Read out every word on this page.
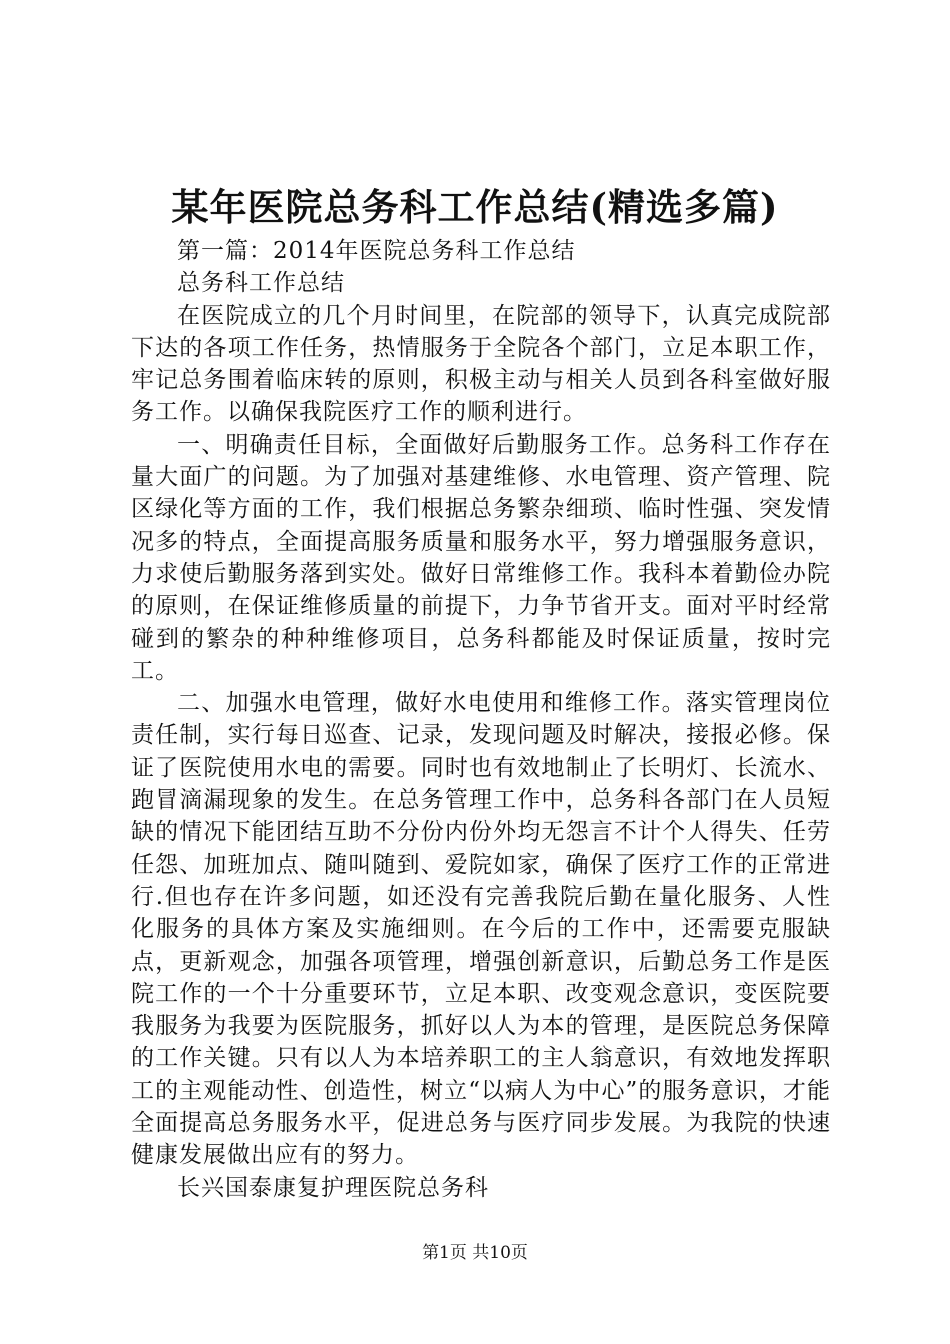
某年医院总务科工作总结(精选多篇)

第一篇：2014年医院总务科工作总结

总务科工作总结

在医院成立的几个月时间里，在院部的领导下，认真完成院部下达的各项工作任务，热情服务于全院各个部门，立足本职工作，牢记总务围着临床转的原则，积极主动与相关人员到各科室做好服务工作。以确保我院医疗工作的顺利进行。

一、明确责任目标，全面做好后勤服务工作。总务科工作存在量大面广的问题。为了加强对基建维修、水电管理、资产管理、院区绿化等方面的工作，我们根据总务繁杂细琐、临时性强、突发情况多的特点，全面提高服务质量和服务水平，努力增强服务意识，力求使后勤服务落到实处。做好日常维修工作。我科本着勤俭办院的原则，在保证维修质量的前提下，力争节省开支。面对平时经常碰到的繁杂的种种维修项目，总务科都能及时保证质量，按时完工。

二、加强水电管理，做好水电使用和维修工作。落实管理岗位责任制，实行每日巡查、记录，发现问题及时解决，接报必修。保证了医院使用水电的需要。同时也有效地制止了长明灯、长流水、跑冒滴漏现象的发生。在总务管理工作中，总务科各部门在人员短缺的情况下能团结互助不分份内份外均无怨言不计个人得失、任劳任怨、加班加点、随叫随到、爱院如家，确保了医疗工作的正常进行.但也存在许多问题，如还没有完善我院后勤在量化服务、人性化服务的具体方案及实施细则。在今后的工作中，还需要克服缺点，更新观念，加强各项管理，增强创新意识，后勤总务工作是医院工作的一个十分重要环节，立足本职、改变观念意识，变医院要我服务为我要为医院服务，抓好以人为本的管理，是医院总务保障的工作关键。只有以人为本培养职工的主人翁意识，有效地发挥职工的主观能动性、创造性，树立“以病人为中心”的服务意识，才能全面提高总务服务水平，促进总务与医疗同步发展。为我院的快速健康发展做出应有的努力。

长兴国泰康复护理医院总务科

第1页 共10页
